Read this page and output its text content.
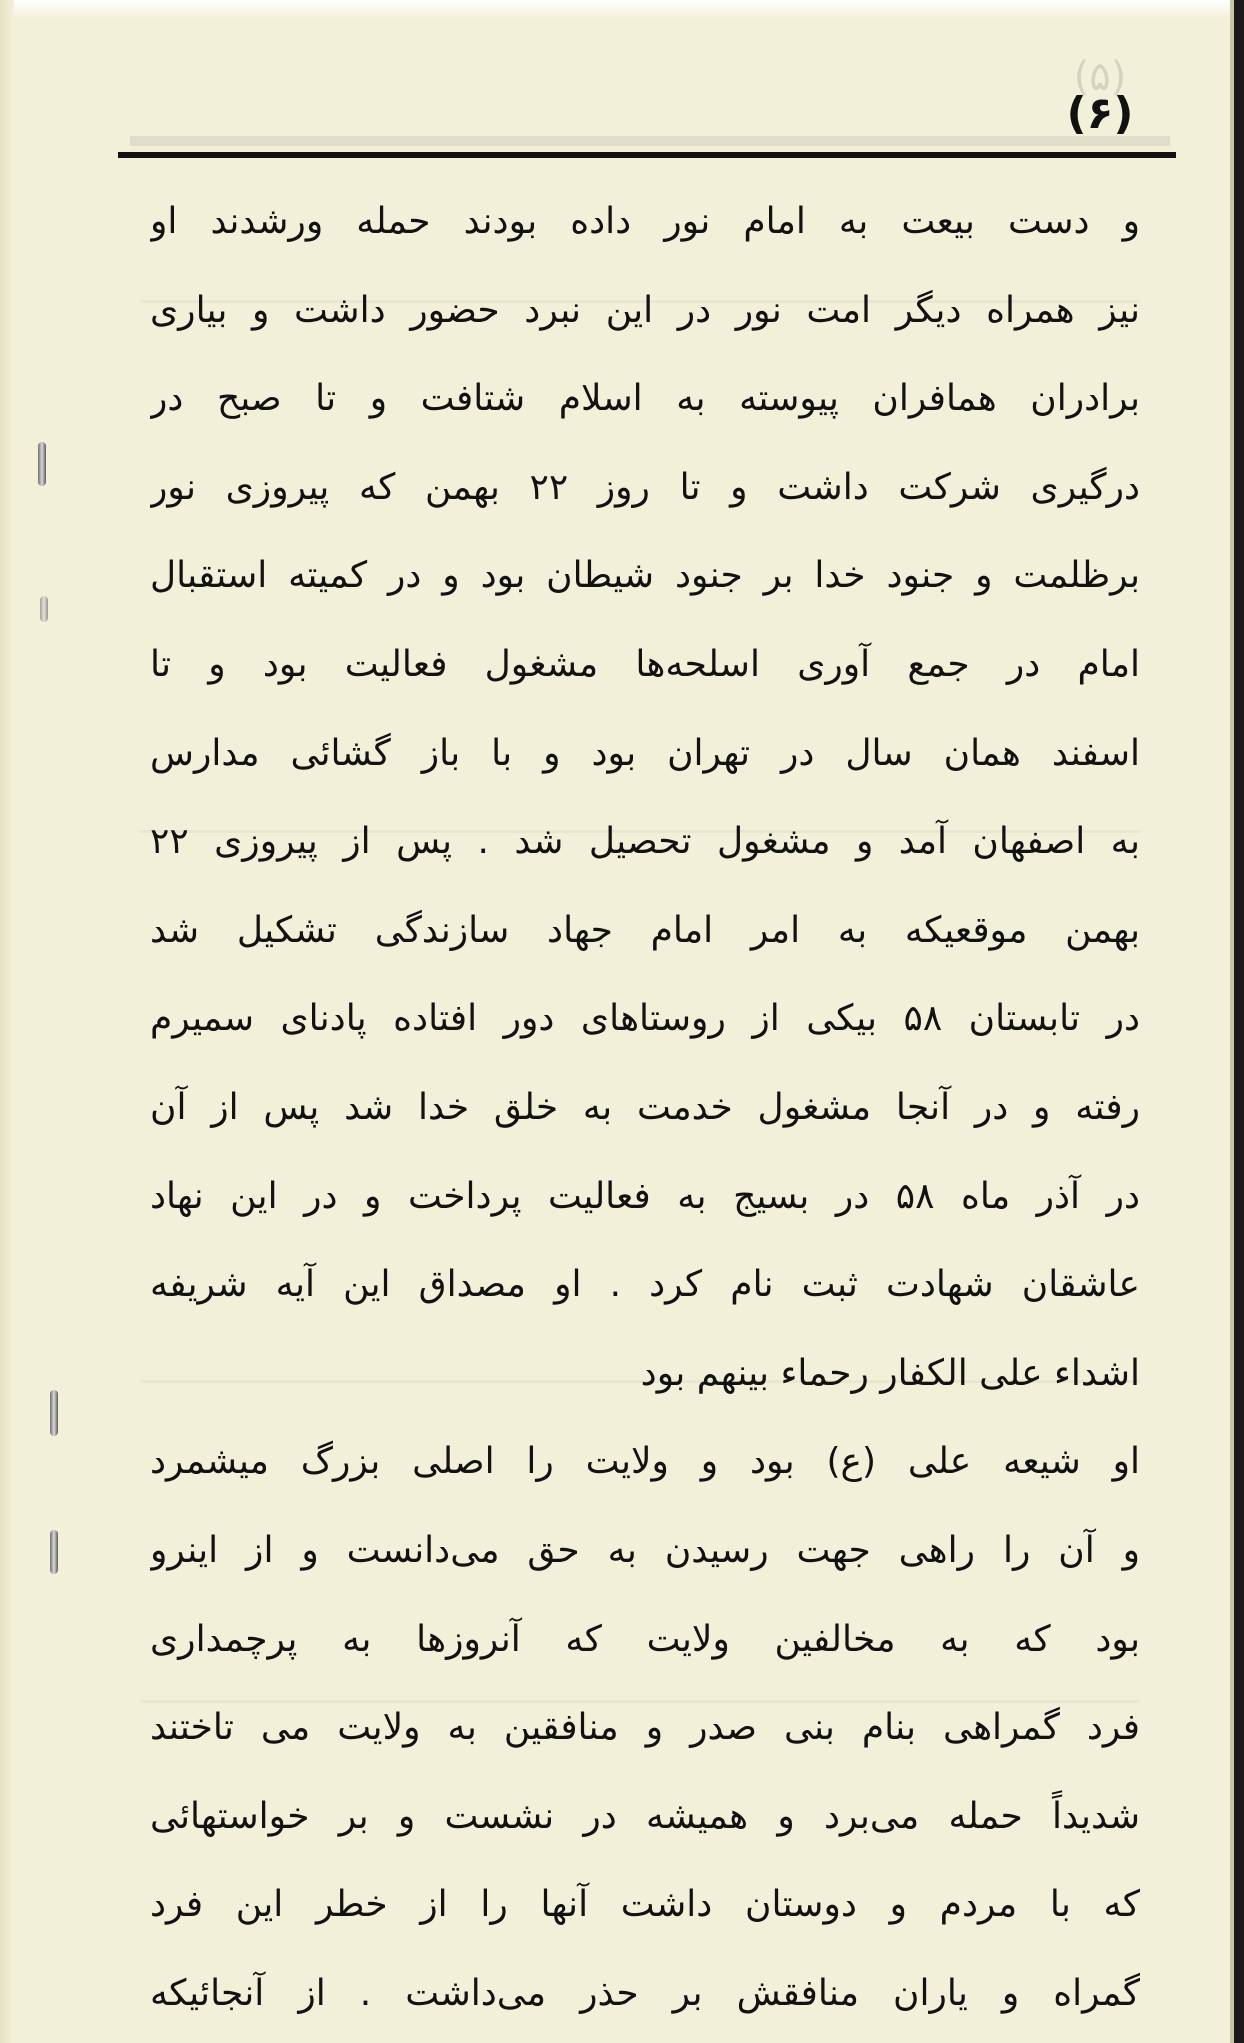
(۵)
(۶)
و دست بیعت به امام نور داده بودند حمله ورشدند او
نیز همراه دیگر امت نور در این نبرد حضور داشت و بیاری
برادران همافران پیوسته به اسلام شتافت و تا صبح در
درگیری شرکت داشت و تا روز ۲۲ بهمن که پیروزی نور
برظلمت و جنود خدا بر جنود شیطان بود و در کمیته استقبال
امام در جمع آوری اسلحه‌ها مشغول فعالیت بود و تا
اسفند همان سال در تهران بود و با باز گشائی مدارس
به اصفهان آمد و مشغول تحصیل شد . پس از پیروزی ۲۲
بهمن موقعیکه به امر امام جهاد سازندگی تشکیل شد
در تابستان ۵۸ بیکی از روستاهای دور افتاده پادنای سمیرم
رفته و در آنجا مشغول خدمت به خلق خدا شد پس از آن
در آذر ماه ۵۸ در بسیج به فعالیت پرداخت و در این نهاد
عاشقان شهادت ثبت نام کرد . او مصداق این آیه شریفه
اشداء علی الکفار رحماء بینهم بود
او شیعه علی (ع) بود و ولایت را اصلی بزرگ میشمرد
و آن را راهی جهت رسیدن به حق می‌دانست و از اینرو
بود که به مخالفین ولایت که آنروزها به پرچمداری
فرد گمراهی بنام بنی صدر و منافقین به ولایت می تاختند
شدیداً حمله می‌برد و همیشه در نشست و بر خواستهائی
که با مردم و دوستان داشت آنها را از خطر این فرد
گمراه و یاران منافقش بر حذر می‌داشت . از آنجائیکه
